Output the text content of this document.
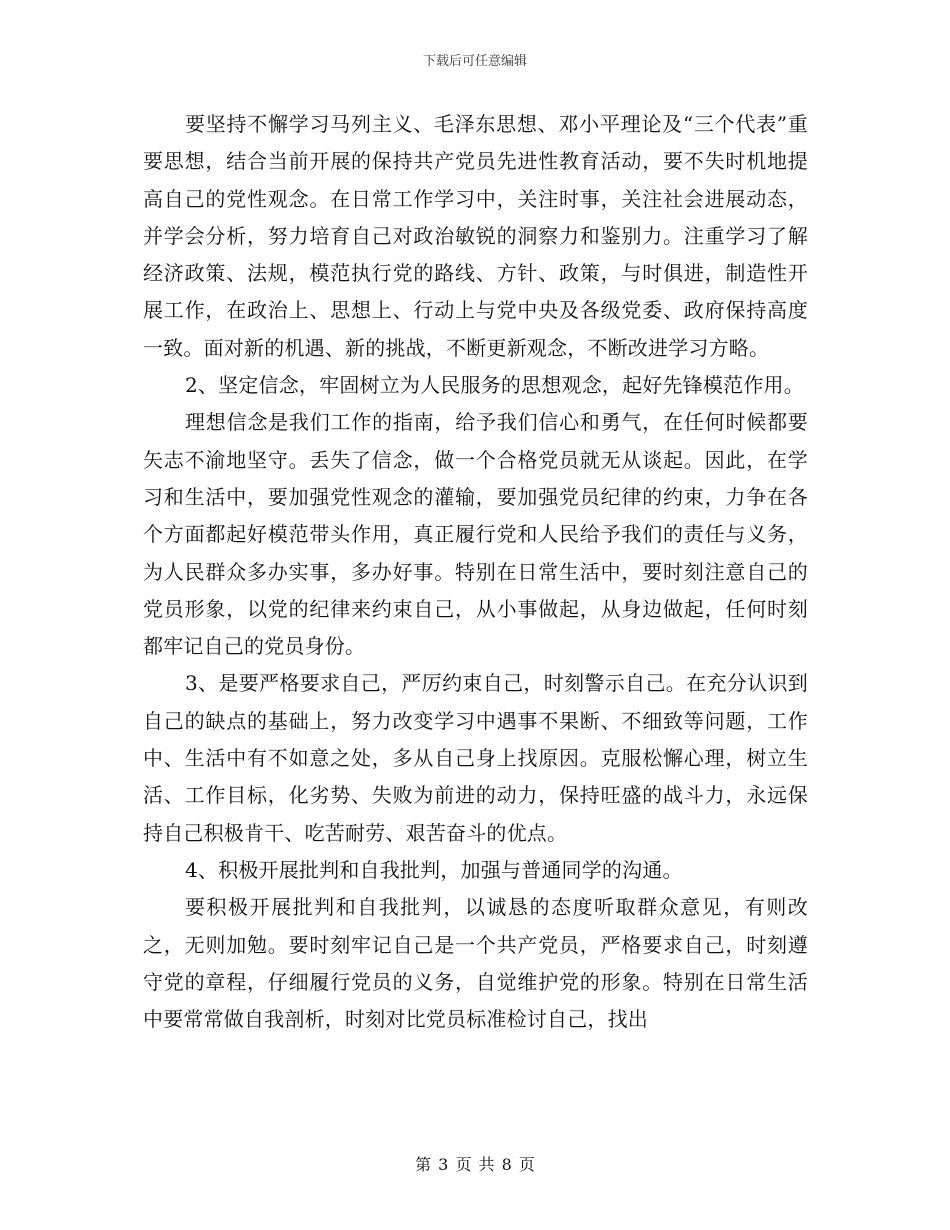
下载后可任意编辑

要坚持不懈学习马列主义、毛泽东思想、邓小平理论及“三个代表”重要思想，结合当前开展的保持共产党员先进性教育活动，要不失时机地提高自己的党性观念。在日常工作学习中，关注时事，关注社会进展动态，并学会分析，努力培育自己对政治敏锐的洞察力和鉴别力。注重学习了解经济政策、法规，模范执行党的路线、方针、政策，与时俱进，制造性开展工作，在政治上、思想上、行动上与党中央及各级党委、政府保持高度一致。面对新的机遇、新的挑战，不断更新观念，不断改进学习方略。

2、坚定信念，牢固树立为人民服务的思想观念，起好先锋模范作用。

理想信念是我们工作的指南，给予我们信心和勇气，在任何时候都要矢志不渝地坚守。丢失了信念，做一个合格党员就无从谈起。因此，在学习和生活中，要加强党性观念的灌输，要加强党员纪律的约束，力争在各个方面都起好模范带头作用，真正履行党和人民给予我们的责任与义务，为人民群众多办实事，多办好事。特别在日常生活中，要时刻注意自己的党员形象，以党的纪律来约束自己，从小事做起，从身边做起，任何时刻都牢记自己的党员身份。

3、是要严格要求自己，严厉约束自己，时刻警示自己。在充分认识到自己的缺点的基础上，努力改变学习中遇事不果断、不细致等问题，工作中、生活中有不如意之处，多从自己身上找原因。克服松懈心理，树立生活、工作目标，化劣势、失败为前进的动力，保持旺盛的战斗力，永远保持自己积极肯干、吃苦耐劳、艰苦奋斗的优点。

4、积极开展批判和自我批判，加强与普通同学的沟通。

要积极开展批判和自我批判，以诚恳的态度听取群众意见，有则改之，无则加勉。要时刻牢记自己是一个共产党员，严格要求自己，时刻遵守党的章程，仔细履行党员的义务，自觉维护党的形象。特别在日常生活中要常常做自我剖析，时刻对比党员标准检讨自己，找出

第 3 页 共 8 页
